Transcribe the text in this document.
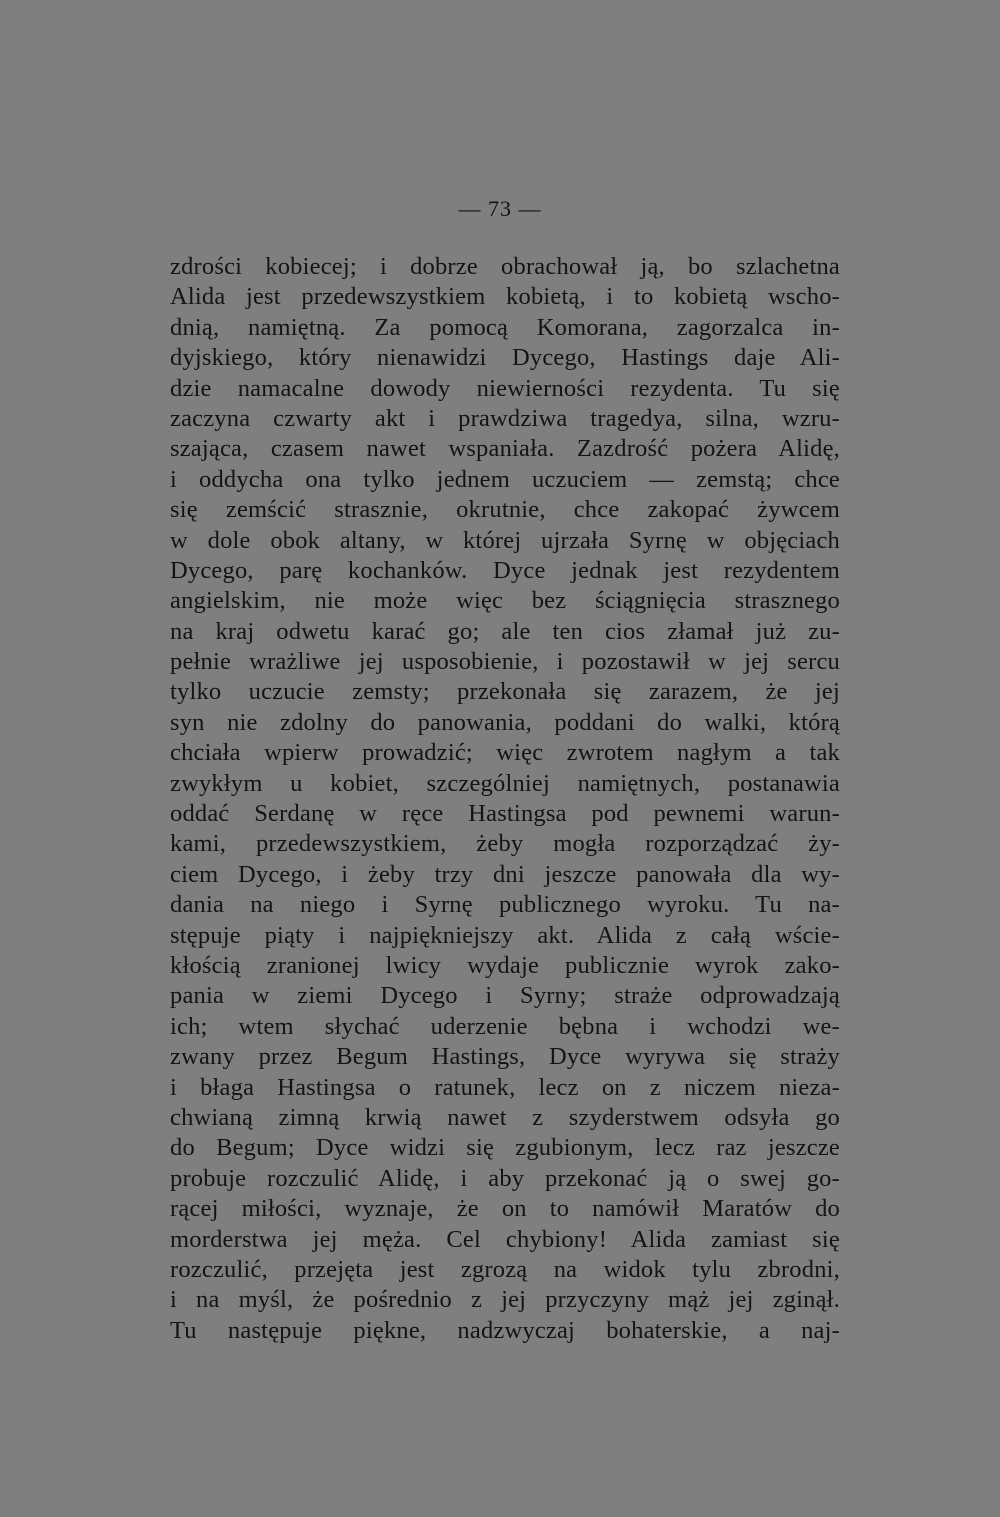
— 73 —
zdrości kobiecej; i dobrze obrachował ją, bo szlachetna
Alida jest przedewszystkiem kobietą, i to kobietą wscho-
dnią, namiętną. Za pomocą Komorana, zagorzalca in-
dyjskiego, który nienawidzi Dycego, Hastings daje Ali-
dzie namacalne dowody niewierności rezydenta. Tu się
zaczyna czwarty akt i prawdziwa tragedya, silna, wzru-
szająca, czasem nawet wspaniała. Zazdrość pożera Alidę,
i oddycha ona tylko jednem uczuciem — zemstą; chce
się zemścić strasznie, okrutnie, chce zakopać żywcem
w dole obok altany, w której ujrzała Syrnę w objęciach
Dycego, parę kochanków. Dyce jednak jest rezydentem
angielskim, nie może więc bez ściągnięcia strasznego
na kraj odwetu karać go; ale ten cios złamał już zu-
pełnie wrażliwe jej usposobienie, i pozostawił w jej sercu
tylko uczucie zemsty; przekonała się zarazem, że jej
syn nie zdolny do panowania, poddani do walki, którą
chciała wpierw prowadzić; więc zwrotem nagłym a tak
zwykłym u kobiet, szczególniej namiętnych, postanawia
oddać Serdanę w ręce Hastingsa pod pewnemi warun-
kami, przedewszystkiem, żeby mogła rozporządzać ży-
ciem Dycego, i żeby trzy dni jeszcze panowała dla wy-
dania na niego i Syrnę publicznego wyroku. Tu na-
stępuje piąty i najpiękniejszy akt. Alida z całą wście-
kłością zranionej lwicy wydaje publicznie wyrok zako-
pania w ziemi Dycego i Syrny; straże odprowadzają
ich; wtem słychać uderzenie bębna i wchodzi we-
zwany przez Begum Hastings, Dyce wyrywa się straży
i błaga Hastingsa o ratunek, lecz on z niczem nieza-
chwianą zimną krwią nawet z szyderstwem odsyła go
do Begum; Dyce widzi się zgubionym, lecz raz jeszcze
probuje rozczulić Alidę, i aby przekonać ją o swej go-
rącej miłości, wyznaje, że on to namówił Maratów do
morderstwa jej męża. Cel chybiony! Alida zamiast się
rozczulić, przejęta jest zgrozą na widok tylu zbrodni,
i na myśl, że pośrednio z jej przyczyny mąż jej zginął.
Tu następuje piękne, nadzwyczaj bohaterskie, a naj-
